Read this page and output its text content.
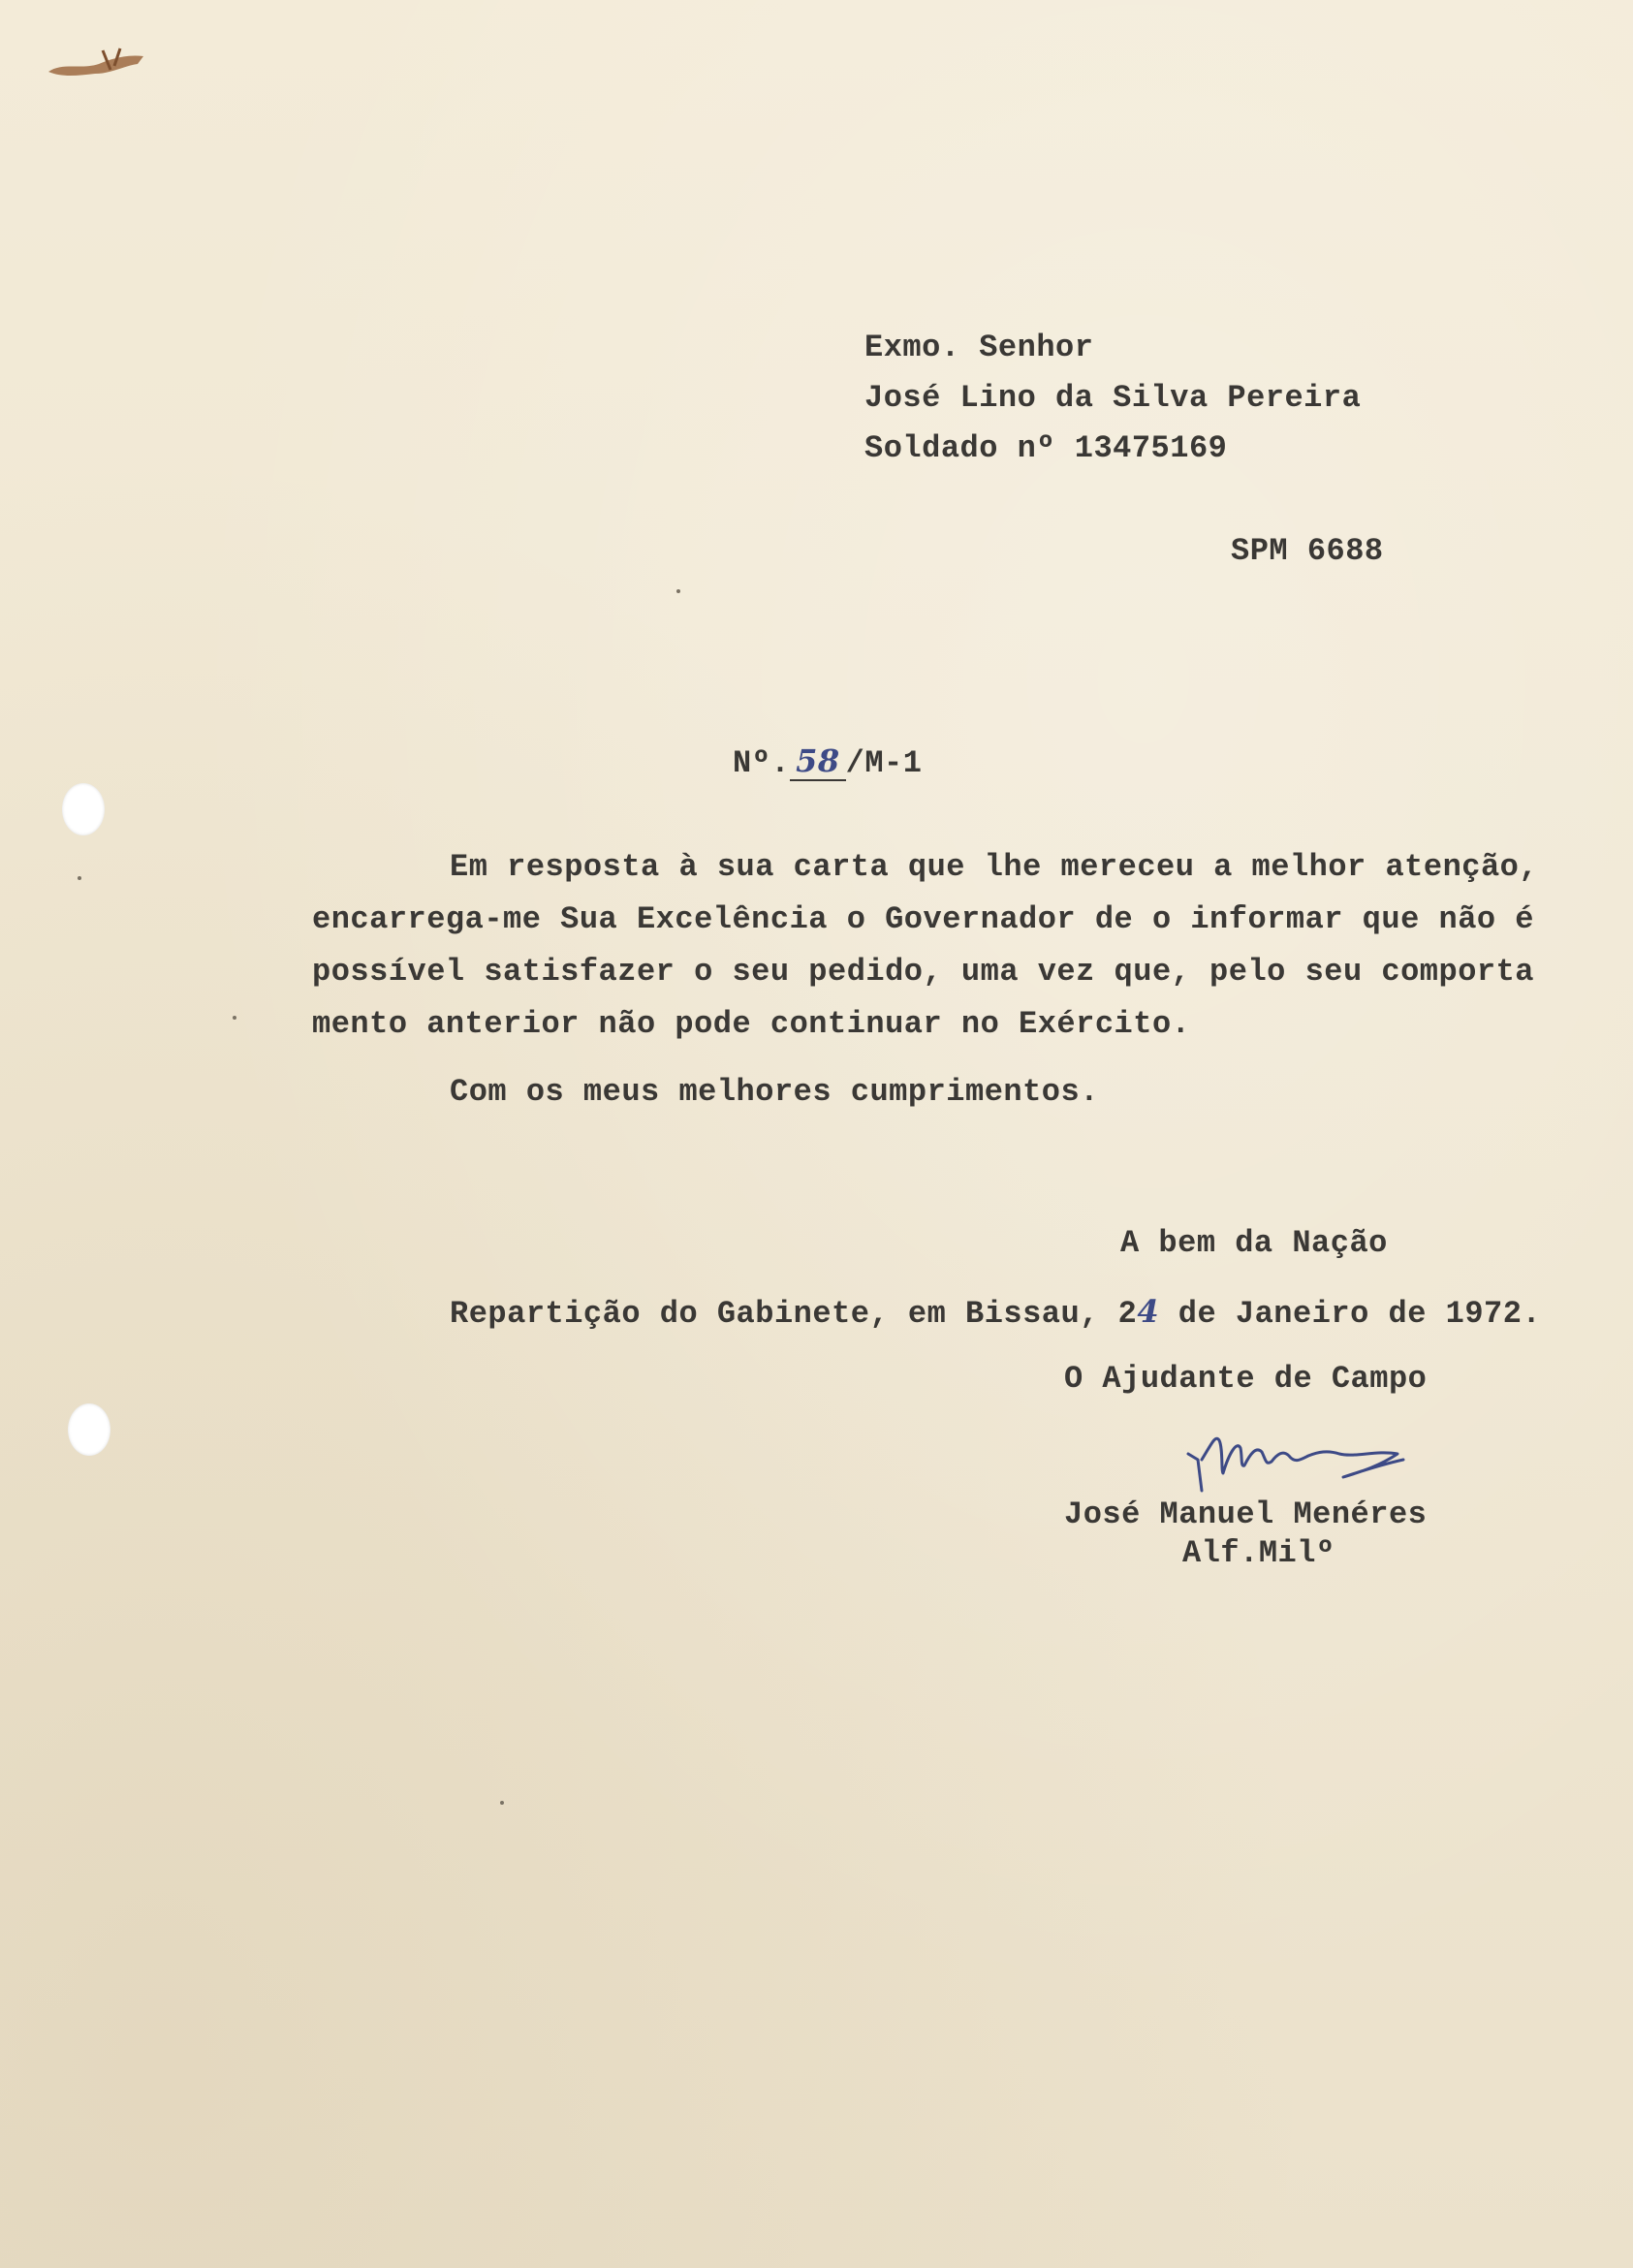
Exmo. Senhor

José Lino da Silva Pereira

Soldado nº 13475169

SPM 6688

Nº. 58 /M-1

Em resposta à sua carta que lhe mereceu a melhor atenção,

encarrega-me Sua Excelência o Governador de o informar que não é

possível satisfazer o seu pedido, uma vez que, pelo seu comporta

mento anterior não pode continuar no Exército.

Com os meus melhores cumprimentos.

A bem da Nação

Repartição do Gabinete, em Bissau, 24 de Janeiro de 1972.

O Ajudante de Campo

José Manuel Menéres

Alf.Milº
